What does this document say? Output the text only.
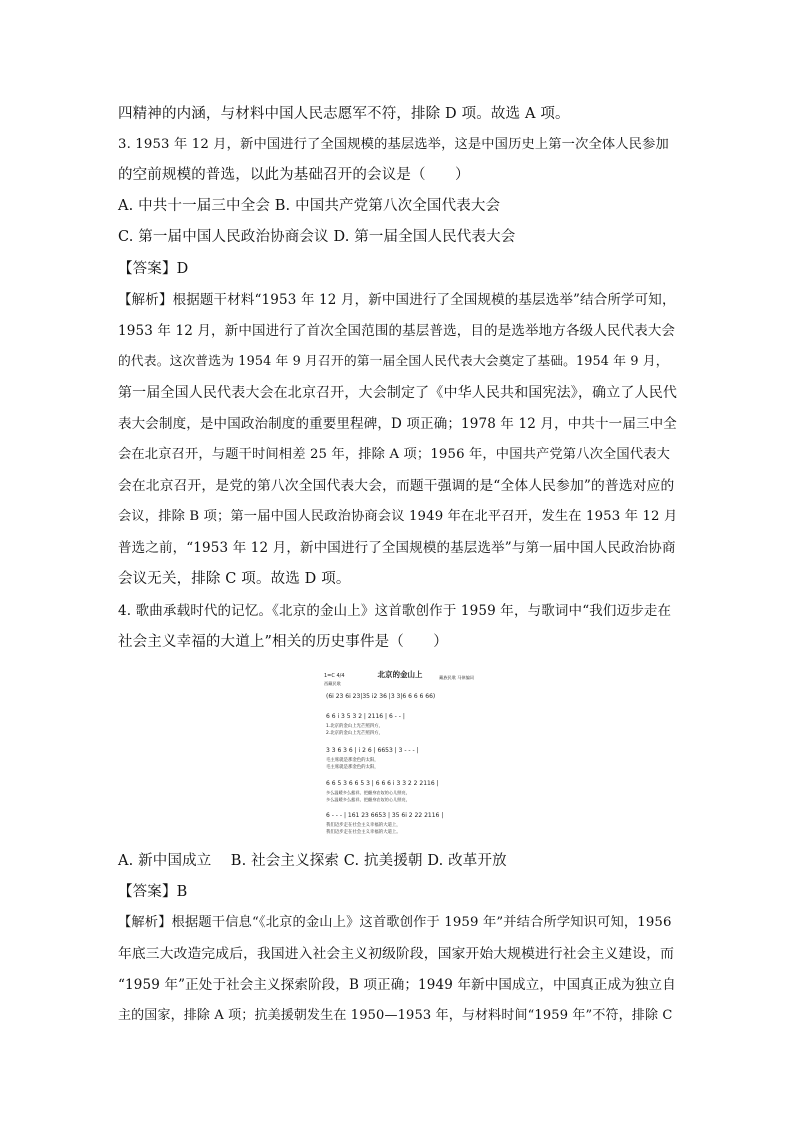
四精神的内涵，与材料中国人民志愿军不符，排除 D 项。故选 A 项。
3. 1953 年 12 月，新中国进行了全国规模的基层选举，这是中国历史上第一次全体人民参加
的空前规模的普选，以此为基础召开的会议是（　　）
A. 中共十一届三中全会 B. 中国共产党第八次全国代表大会
C. 第一届中国人民政治协商会议 D. 第一届全国人民代表大会
【答案】D
【解析】根据题干材料“1953 年 12 月，新中国进行了全国规模的基层选举”结合所学可知，
1953 年 12 月，新中国进行了首次全国范围的基层普选，目的是选举地方各级人民代表大会
的代表。这次普选为 1954 年 9 月召开的第一届全国人民代表大会奠定了基础。1954 年 9 月，
第一届全国人民代表大会在北京召开，大会制定了《中华人民共和国宪法》，确立了人民代
表大会制度，是中国政治制度的重要里程碑，D 项正确；1978 年 12 月，中共十一届三中全
会在北京召开，与题干时间相差 25 年，排除 A 项；1956 年，中国共产党第八次全国代表大
会在北京召开，是党的第八次全国代表大会，而题干强调的是“全体人民参加”的普选对应的
会议，排除 B 项；第一届中国人民政治协商会议 1949 年在北平召开，发生在 1953 年 12 月
普选之前，“1953 年 12 月，新中国进行了全国规模的基层选举”与第一届中国人民政治协商
会议无关，排除 C 项。故选 D 项。
4. 歌曲承载时代的记忆。《北京的金山上》这首歌创作于 1959 年，与歌词中“我们迈步走在
社会主义幸福的大道上”相关的历史事件是（　　）
1=C 4/4
西藏民歌
北京的金山上	藏族民歌 马倬编词
(6i 23 6i 23|35 i2 36 |3 3|6 6 6 6 66)
6 6 i 3 5 3 2 | 2116 | 6 - - |
1.北京的金山上光芒照四方，
2.北京的金山上光芒照四方，
3 3 6 3 6 | i 2 6 | 6653 | 3 - - - |
毛主席就是那金色的太阳，
毛主席就是那金色的太阳，
6 6 5 3 6 6 5 3 | 6 6 6 i 3 3 2 2 2116 |
多么温暖多么慈祥，把翻身农奴的心儿照亮，
多么温暖多么慈祥，把翻身农奴的心儿照亮，
6 - - - | 161 23 6653 | 35 6i 2 22 2116 |
我们迈步走在社会主义幸福的大道上，
我们迈步走在社会主义幸福的大道上。
A. 新中国成立　 B. 社会主义探索 C. 抗美援朝 D. 改革开放
【答案】B
【解析】根据题干信息“《北京的金山上》这首歌创作于 1959 年”并结合所学知识可知，1956
年底三大改造完成后，我国进入社会主义初级阶段，国家开始大规模进行社会主义建设，而
“1959 年”正处于社会主义探索阶段，B 项正确；1949 年新中国成立，中国真正成为独立自
主的国家，排除 A 项；抗美援朝发生在 1950—1953 年，与材料时间“1959 年”不符，排除 C
